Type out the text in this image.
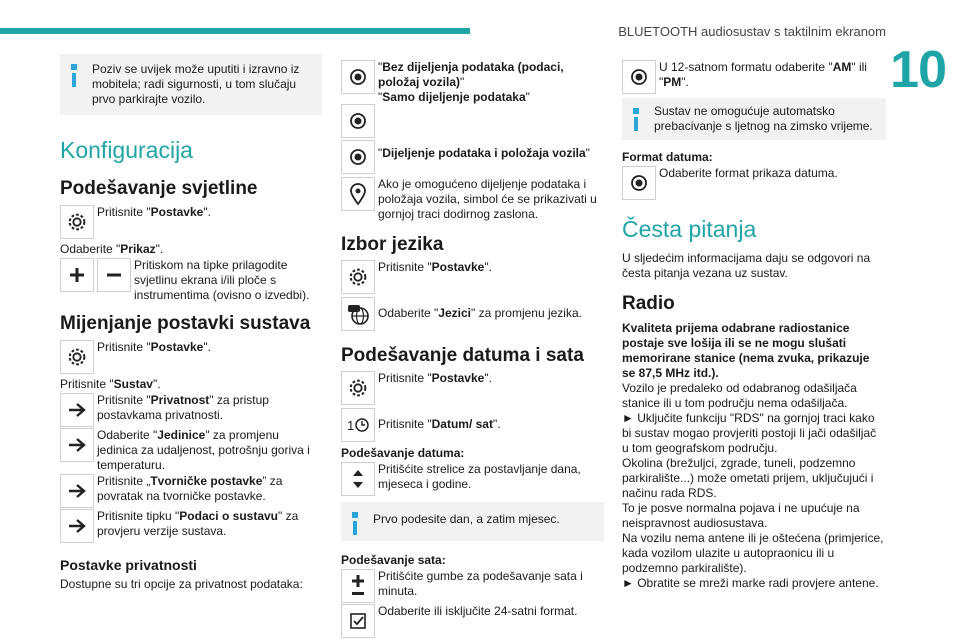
BLUETOOTH audiosustav s taktilnim ekranom
10
Poziv se uvijek može uputiti i izravno iz mobitela; radi sigurnosti, u tom slučaju prvo parkirajte vozilo.
Konfiguracija
Podešavanje svjetline

Pritisnite "Postavke".

Odaberite "Prikaz".

Pritiskom na tipke prilagodite svjetlinu ekrana i/ili ploče s instrumentima (ovisno o izvedbi).

Mijenjanje postavki sustava

Pritisnite "Postavke".

Pritisnite "Sustav".

Pritisnite "Privatnost" za pristup postavkama privatnosti.

Odaberite "Jedinice" za promjenu jedinica za udaljenost, potrošnju goriva i temperaturu.

Pritisnite „Tvorničke postavke” za povratak na tvorničke postavke.

Pritisnite tipku "Podaci o sustavu" za provjeru verzije sustava.

Postavke privatnosti

Dostupne su tri opcije za privatnost podataka:

"Bez dijeljenja podataka (podaci, položaj vozila)"
"Samo dijeljenje podataka"

"Dijeljenje podataka i položaja vozila"

Ako je omogućeno dijeljenje podataka i položaja vozila, simbol će se prikazivati u gornjoj traci dodirnog zaslona.

Izbor jezika

Pritisnite "Postavke".

Odaberite "Jezici" za promjenu jezika.

Podešavanje datuma i sata

Pritisnite "Postavke".

1	Pritisnite "Datum/ sat".

Podešavanje datuma:

Pritišćite strelice za postavljanje dana, mjeseca i godine.

Prvo podesite dan, a zatim mjesec.

Podešavanje sata:

Pritišćite gumbe za podešavanje sata i minuta.

Odaberite ili isključite 24-satni format.

U 12-satnom formatu odaberite "AM" ili "PM".

Sustav ne omogućuje automatsko prebacivanje s ljetnog na zimsko vrijeme.

Format datuma:

Odaberite format prikaza datuma.

Česta pitanja

U sljedećim informacijama daju se odgovori na česta pitanja vezana uz sustav.

Radio

Kvaliteta prijema odabrane radiostanice postaje sve lošija ili se ne mogu slušati memorirane stanice (nema zvuka, prikazuje se 87,5 MHz itd.).

Vozilo je predaleko od odabranog odašiljača stanice ili u tom području nema odašiljača.

► Uključite funkciju "RDS" na gornjoj traci kako bi sustav mogao provjeriti postoji li jači odašiljač u tom geografskom području.

Okolina (brežuljci, zgrade, tuneli, podzemno parkiralište...) može ometati prijem, uključujući i načinu rada RDS.

To je posve normalna pojava i ne upućuje na neispravnost audiosustava.

Na vozilu nema antene ili je oštećena (primjerice, kada vozilom ulazite u autopraonicu ili u podzemno parkiralište).

► Obratite se mreži marke radi provjere antene.
